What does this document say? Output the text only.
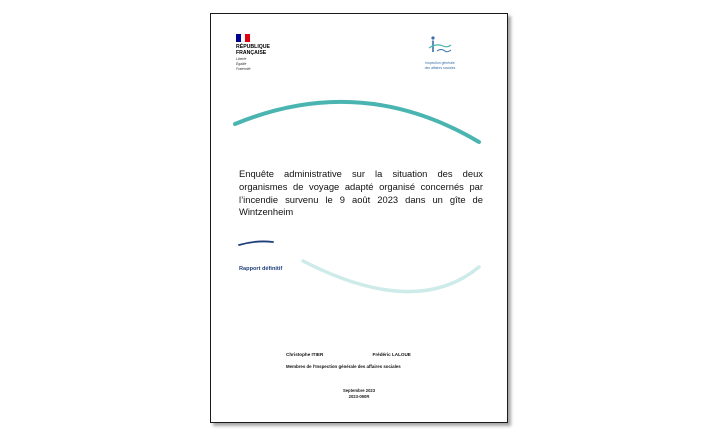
RÉPUBLIQUE
FRANÇAISE
Liberté
Égalité
Fraternité
Inspection générale
des affaires sociales
Enquête administrative sur la situation des deux organismes de voyage adapté organisé concernés par l’incendie survenu le 9 août 2023 dans un gîte de Wintzenheim
Rapport définitif
Christophe ITIER	Frédéric LALOUE
Membres de l’Inspection générale des affaires sociales
Septembre 2023
2023-090R
